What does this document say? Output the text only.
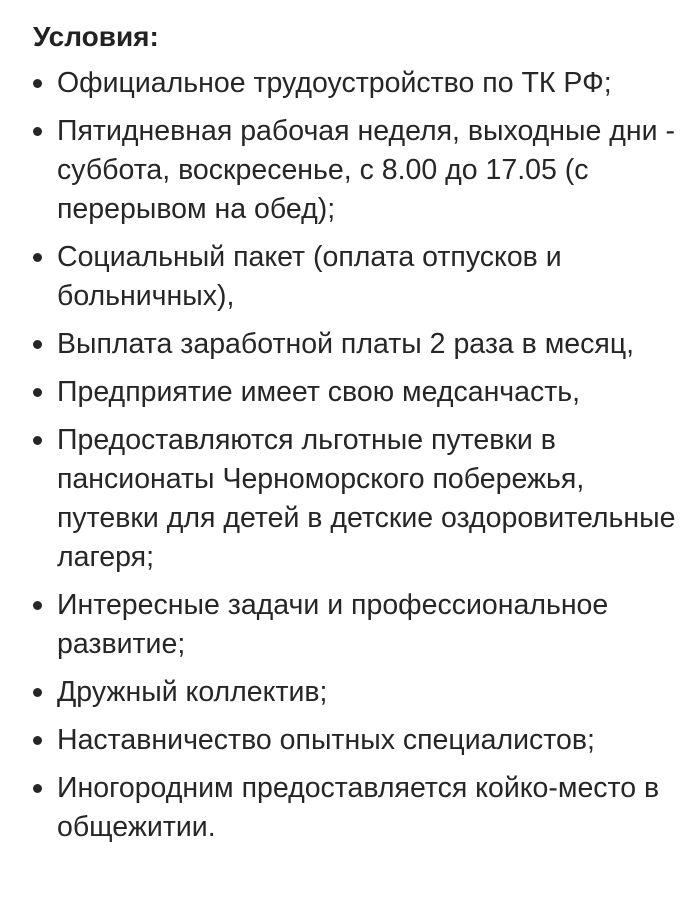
Условия:
Официальное трудоустройство по ТК РФ;
Пятидневная рабочая неделя, выходные дни - суббота, воскресенье, с 8.00 до 17.05 (с перерывом на обед);
Социальный пакет (оплата отпусков и больничных),
Выплата заработной платы 2 раза в месяц,
Предприятие имеет свою медсанчасть,
Предоставляются льготные путевки в пансионаты Черноморского побережья, путевки для детей в детские оздоровительные лагеря;
Интересные задачи и профессиональное развитие;
Дружный коллектив;
Наставничество опытных специалистов;
Иногородним предоставляется койко-место в общежитии.
